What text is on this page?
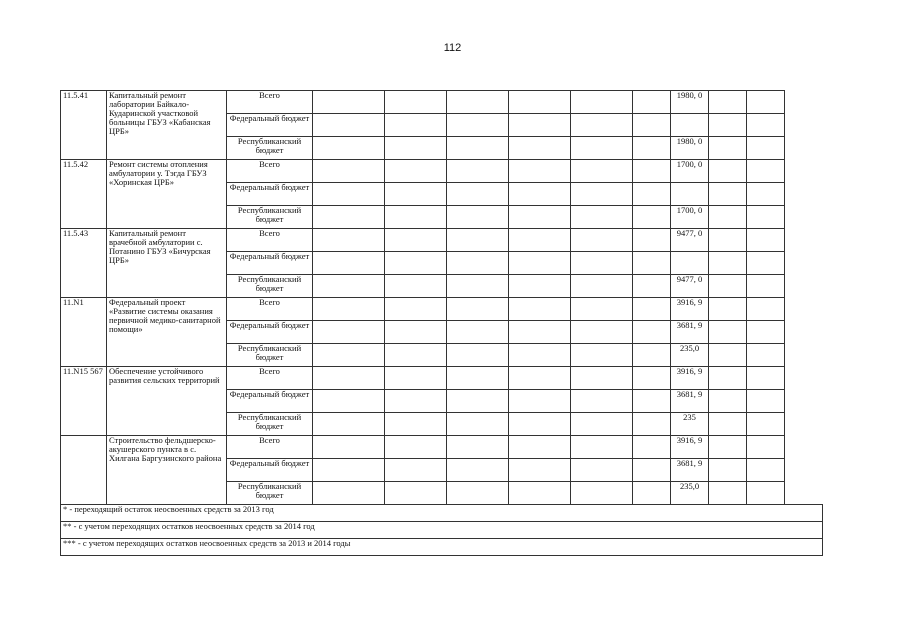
112
11.5.41	Капитальный ремонт лаборатории Байкало-Кударинской участковой больницы ГБУЗ «Кабанская ЦРБ»	Всего							1980, 0		
		Федеральный бюджет									
		Республиканский бюджет							1980, 0		
11.5.42	Ремонт системы отопления амбулатории у. Тэгда ГБУЗ «Хоринская ЦРБ»	Всего							1700, 0		
		Федеральный бюджет									
		Республиканский бюджет							1700, 0		
11.5.43	Капитальный ремонт врачебной амбулатории с. Потанино ГБУЗ «Бичурская ЦРБ»	Всего							9477, 0		
		Федеральный бюджет									
		Республиканский бюджет							9477, 0		
11.N1	Федеральный проект «Развитие системы оказания первичной медико-санитарной помощи»	Всего							3916, 9		
		Федеральный бюджет							3681, 9		
		Республиканский бюджет							235,0		
11.N15 567	Обеспечение устойчивого развития сельских территорий	Всего							3916, 9		
		Федеральный бюджет							3681, 9		
		Республиканский бюджет							235		
	Строительство фельдшерско-акушерского пункта в с. Хилгана Баргузинского района	Всего							3916, 9		
		Федеральный бюджет							3681, 9		
		Республиканский бюджет							235,0		
* - переходящий остаток неосвоенных средств за 2013 год											
** - с учетом переходящих остатков неосвоенных средств за 2014 год											
*** - с учетом переходящих остатков неосвоенных средств за 2013 и 2014 годы											
